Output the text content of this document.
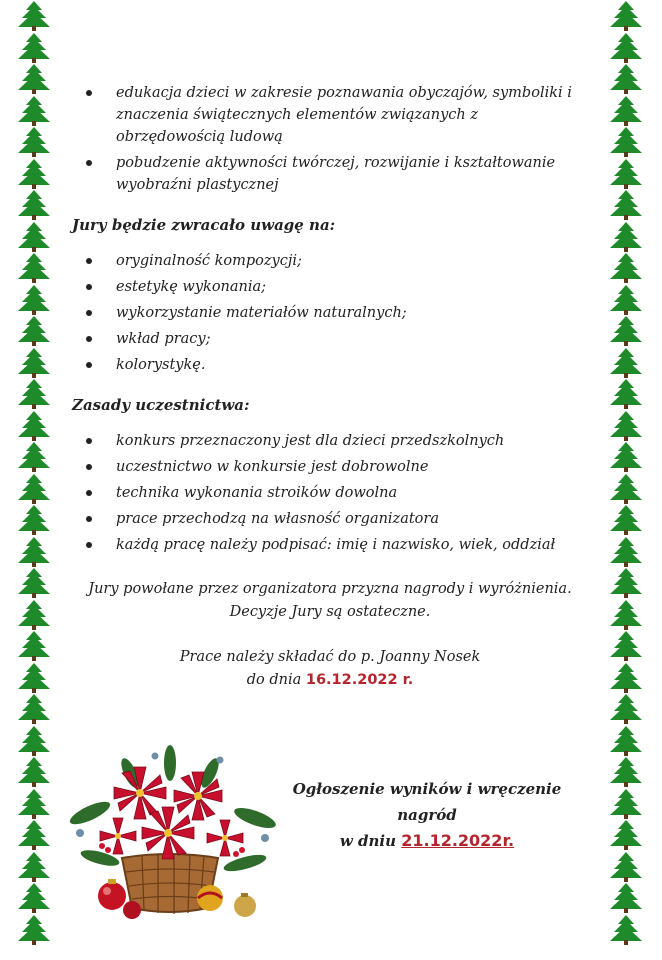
edukacja dzieci w zakresie poznawania obyczajów, symboliki i znaczenia świątecznych elementów związanych z obrzędowością ludową
pobudzenie aktywności twórczej, rozwijanie i kształtowanie wyobraźni plastycznej
Jury będzie zwracało uwagę na:
oryginalność kompozycji;
estetykę wykonania;
wykorzystanie materiałów naturalnych;
wkład pracy;
kolorystykę.
Zasady uczestnictwa:
konkurs przeznaczony jest dla dzieci przedszkolnych
uczestnictwo w konkursie jest dobrowolne
technika wykonania stroików dowolna
prace przechodzą na własność organizatora
każdą pracę należy podpisać: imię i nazwisko, wiek, oddział

Jury powołane przez organizatora przyzna nagrody i wyróżnienia.

Decyzje Jury są ostateczne.

Prace należy składać do p. Joanny Nosek

do dnia 16.12.2022 r.

Ogłoszenie wyników i wręczenie nagród
w dniu 21.12.2022r.
